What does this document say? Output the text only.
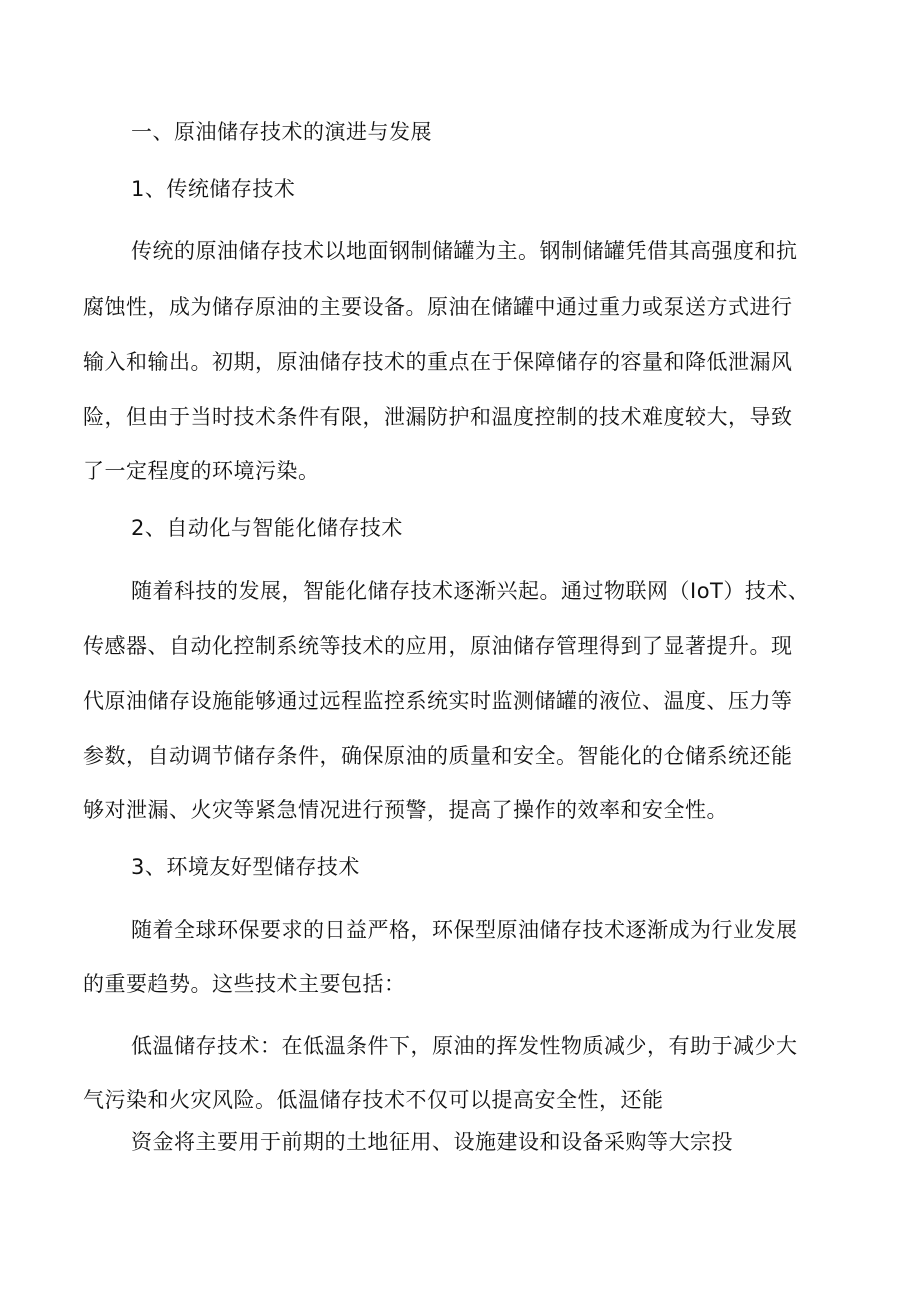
一、原油储存技术的演进与发展
1、传统储存技术
传统的原油储存技术以地面钢制储罐为主。钢制储罐凭借其高强度和抗
腐蚀性，成为储存原油的主要设备。原油在储罐中通过重力或泵送方式进行
输入和输出。初期，原油储存技术的重点在于保障储存的容量和降低泄漏风
险，但由于当时技术条件有限，泄漏防护和温度控制的技术难度较大，导致
了一定程度的环境污染。
2、自动化与智能化储存技术
随着科技的发展，智能化储存技术逐渐兴起。通过物联网（IoT）技术、
传感器、自动化控制系统等技术的应用，原油储存管理得到了显著提升。现
代原油储存设施能够通过远程监控系统实时监测储罐的液位、温度、压力等
参数，自动调节储存条件，确保原油的质量和安全。智能化的仓储系统还能
够对泄漏、火灾等紧急情况进行预警，提高了操作的效率和安全性。
3、环境友好型储存技术
随着全球环保要求的日益严格，环保型原油储存技术逐渐成为行业发展
的重要趋势。这些技术主要包括：
低温储存技术：在低温条件下，原油的挥发性物质减少，有助于减少大
气污染和火灾风险。低温储存技术不仅可以提高安全性，还能
资金将主要用于前期的土地征用、设施建设和设备采购等大宗投
